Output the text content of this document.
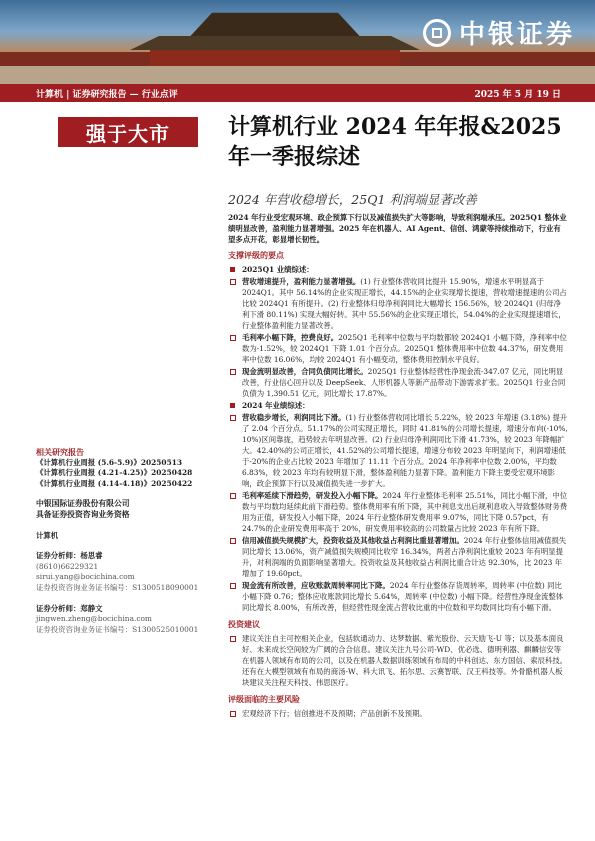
中银证券
计算机 | 证券研究报告 — 行业点评	2025 年 5 月 19 日
强于大市	计算机行业 2024 年年报&2025 年一季报综述
2024 年营收稳增长，25Q1 利润端显著改善
2024 年行业受宏观环境、政企预算下行以及减值损失扩大等影响，导致利润端承压。2025Q1 整体业绩明显改善，盈利能力显著增强。2025 年在机器人、AI Agent、信创、鸿蒙等持续推动下，行业有望多点开花，彰显增长韧性。
支撑评级的要点
2025Q1 业绩综述：
营收增速提升，盈利能力显著增强。(1) 行业整体营收同比提升 15.90%，增速水平明显高于 2024Q1。其中 56.14%的企业实现正增长，44.15%的企业实现增长提速，营收增速提速的公司占比较 2024Q1 有所提升。(2) 行业整体归母净利润同比大幅增长 156.56%，较 2024Q1 (归母净利下滑 80.11%) 实现大幅好转。其中 55.56%的企业实现正增长，54.04%的企业实现提速增长，行业整体盈利能力显著改善。
毛利率小幅下降，控费良好。2025Q1 毛利率中位数与平均数都较 2024Q1 小幅下降，净利率中位数为-1.52%，较 2024Q1 下降 1.01 个百分点。2025Q1 整体费用率中位数 44.37%，研发费用率中位数 16.06%，均较 2024Q1 有小幅变动，整体费用控制水平良好。
现金流明显改善，合同负债同比增长。2025Q1 行业整体经营性净现金流-347.07 亿元，同比明显改善，行业信心回升以及 DeepSeek、人形机器人等新产品带动下游需求扩张。2025Q1 行业合同负债为 1,390.51 亿元，同比增长 17.87%。
2024 年业绩综述：
营收稳步增长，利润同比下滑。(1) 行业整体营收同比增长 5.22%，较 2023 年增速 (3.18%) 提升了 2.04 个百分点。51.17%的公司实现正增长，同时 41.81%的公司增长提速，增速分布向(-10%, 10%)区间靠拢，趋势较去年明显改善。(2) 行业归母净利润同比下滑 41.73%，较 2023 年降幅扩大。42.40%的公司正增长，41.52%的公司增长提速，增速分布较 2023 年明显向下，利润增速低于-20%的企业占比较 2023 年增加了 11.11 个百分点。2024 年净利率中位数 2.00%，平均数 6.83%，较 2023 年均有较明显下滑，整体盈利能力显著下降。盈利能力下降主要受宏观环境影响，政企预算下行以及减值损失进一步扩大。
毛利率延续下滑趋势，研发投入小幅下降。2024 年行业整体毛利率 25.51%，同比小幅下滑，中位数与平均数均延续此前下滑趋势。整体费用率有所下降，其中利息支出后规利息收入导致整体财务费用为正值，研发投入小幅下降，2024 年行业整体研发费用率 9.07%，同比下降 0.57pct，有 24.7%的企业研发费用率高于 20%，研发费用率较高的公司数量占比较 2023 年有所下降。
信用减值损失规模扩大，投资收益及其他收益占利润比重显著增加。2024 年行业整体信用减值损失同比增长 13.06%，资产减值损失规模同比收窄 16.34%，两者占净利润比重较 2023 年有明显提升，对利润端的负面影响显著增大。投资收益及其他收益占利润比重合计达 92.30%，比 2023 年增加了 19.60pct。
现金流有所改善，应收账款周转率同比下降。2024 年行业整体存货周转率，周转率 (中位数) 同比小幅下降 0.76；整体应收账款同比增长 5.64%，周转率 (中位数) 小幅下降。经营性净现金流整体同比增长 8.00%，有所改善，但经营性现金流占营收比重的中位数和平均数同比均有小幅下滑。
投资建议
建议关注自主可控相关企业，包括软通动力、达梦数据、紫光股份、云天励飞-U 等；以及基本面良好、未来成长空间较为广阔的合合信息。建议关注九号公司-WD、优必选、德明利器、麒麟信安等在机器人领域有布局的公司，以及在机器人数据训练领域有布局的中科创达、东方国信、索辰科技。还有在大模型领域有布局的商汤-W、科大讯飞、拓尔思、云赛智联、汉王科技等。外骨骼机器人板块建议关注程天科技、伟思医疗。
评级面临的主要风险
宏观经济下行；信创推进不及预期；产品创新不及预期。
相关研究报告
《计算机行业周报 (5.6-5.9)》20250513
《计算机行业周报 (4.21-4.25)》20250428
《计算机行业周报 (4.14-4.18)》20250422
中银国际证券股份有限公司
具备证券投资咨询业务资格
计算机
证券分析师：杨思睿
(8610)66229321
sirui.yang@bocichina.com
证券投资咨询业务证书编号：S1300518090001
证券分析师：郑静文
jingwen.zheng@bocichina.com
证券投资咨询业务证书编号：S1300525010001
